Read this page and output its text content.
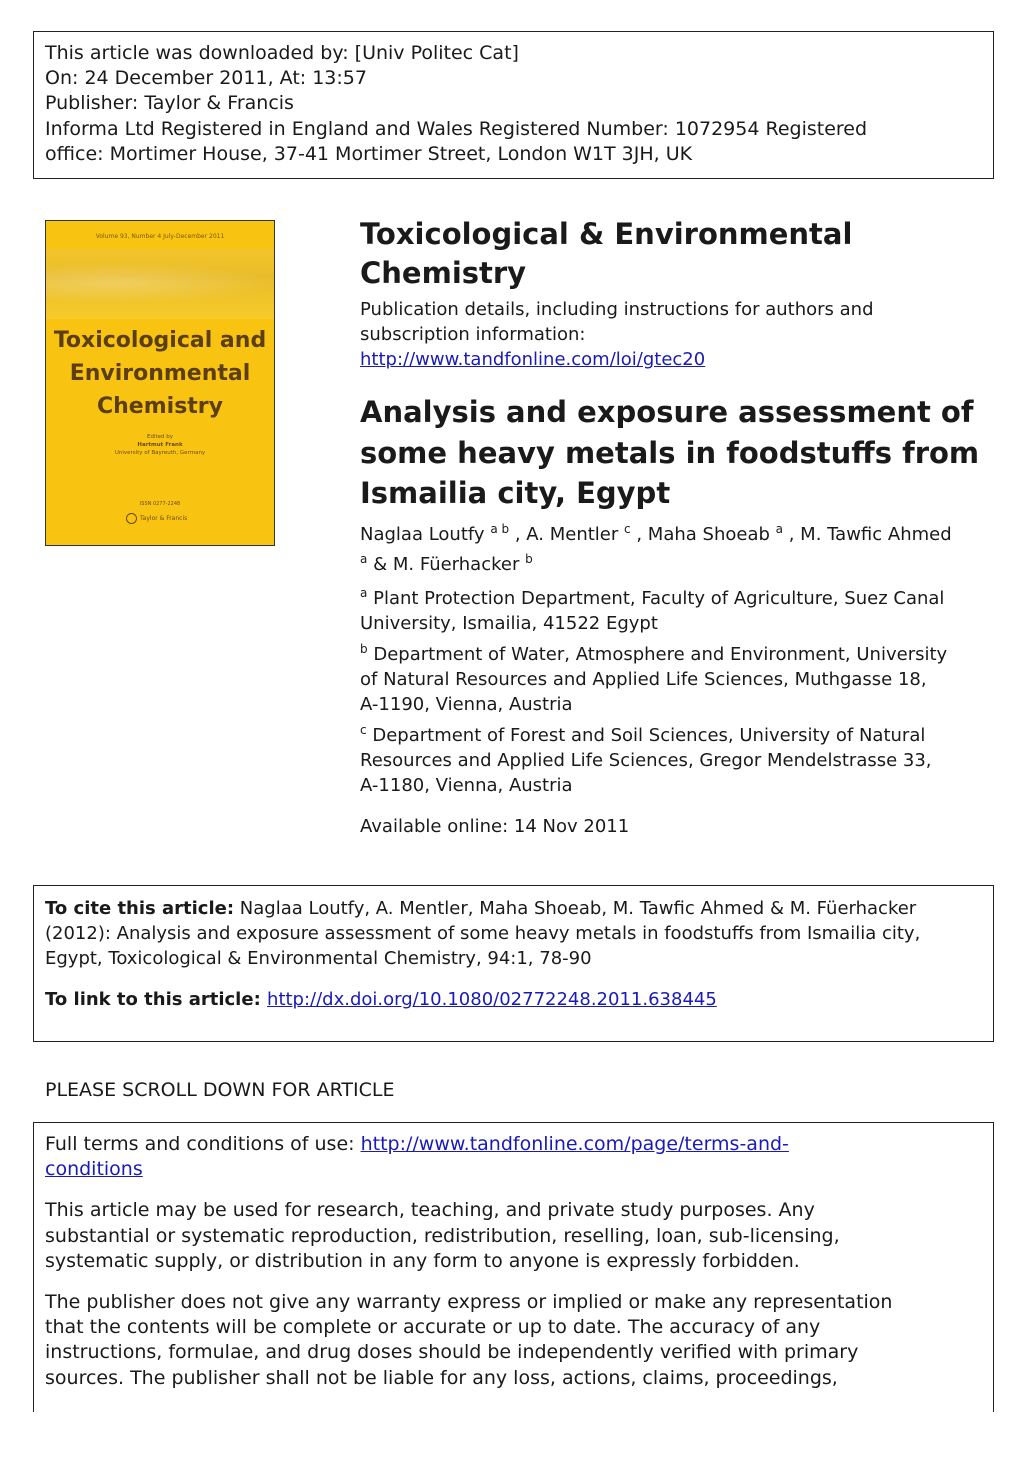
This article was downloaded by: [Univ Politec Cat]
On: 24 December 2011, At: 13:57
Publisher: Taylor & Francis
Informa Ltd Registered in England and Wales Registered Number: 1072954 Registered
office: Mortimer House, 37-41 Mortimer Street, London W1T 3JH, UK
Volume 93, Number 4 July-December 2011
Toxicological and
Environmental
Chemistry
Edited by
Hartmut Frank
University of Bayreuth, Germany
ISSN 0277-2248
Taylor & Francis
Toxicological & Environmental
Chemistry
Publication details, including instructions for authors and
subscription information:
http://www.tandfonline.com/loi/gtec20
Analysis and exposure assessment of
some heavy metals in foodstuffs from
Ismailia city, Egypt
Naglaa Loutfy $^{a b}$ , A. Mentler $^c$ , Maha Shoeab $^a$ , M. Tawfic Ahmed
$^a$ & M. Füerhacker $^b$
$^a$ Plant Protection Department, Faculty of Agriculture, Suez Canal
University, Ismailia, 41522 Egypt
$^b$ Department of Water, Atmosphere and Environment, University
of Natural Resources and Applied Life Sciences, Muthgasse 18,
A-1190, Vienna, Austria
$^c$ Department of Forest and Soil Sciences, University of Natural
Resources and Applied Life Sciences, Gregor Mendelstrasse 33,
A-1180, Vienna, Austria
Available online: 14 Nov 2011
To cite this article: Naglaa Loutfy, A. Mentler, Maha Shoeab, M. Tawfic Ahmed & M. Füerhacker
(2012): Analysis and exposure assessment of some heavy metals in foodstuffs from Ismailia city,
Egypt, Toxicological & Environmental Chemistry, 94:1, 78-90
To link to this article: http://dx.doi.org/10.1080/02772248.2011.638445
PLEASE SCROLL DOWN FOR ARTICLE

Full terms and conditions of use: http://www.tandfonline.com/page/terms-and-
conditions

This article may be used for research, teaching, and private study purposes. Any
substantial or systematic reproduction, redistribution, reselling, loan, sub-licensing,
systematic supply, or distribution in any form to anyone is expressly forbidden.

The publisher does not give any warranty express or implied or make any representation
that the contents will be complete or accurate or up to date. The accuracy of any
instructions, formulae, and drug doses should be independently verified with primary
sources. The publisher shall not be liable for any loss, actions, claims, proceedings,
